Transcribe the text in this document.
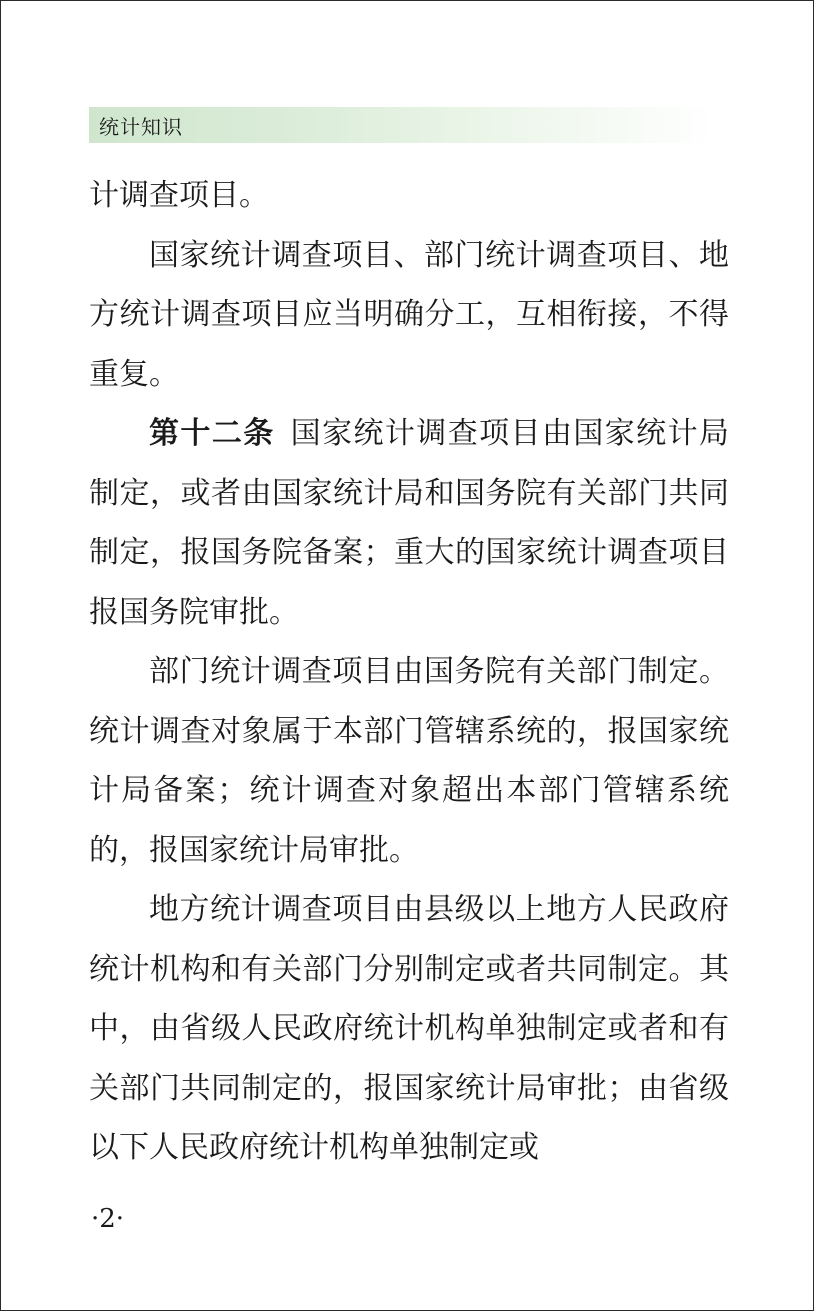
统计知识

计调查项目。

国家统计调查项目、部门统计调查项目、地方统计调查项目应当明确分工，互相衔接，不得重复。

第十二条 国家统计调查项目由国家统计局制定，或者由国家统计局和国务院有关部门共同制定，报国务院备案；重大的国家统计调查项目报国务院审批。

部门统计调查项目由国务院有关部门制定。统计调查对象属于本部门管辖系统的，报国家统计局备案；统计调查对象超出本部门管辖系统的，报国家统计局审批。

地方统计调查项目由县级以上地方人民政府统计机构和有关部门分别制定或者共同制定。其中，由省级人民政府统计机构单独制定或者和有关部门共同制定的，报国家统计局审批；由省级以下人民政府统计机构单独制定或

·2·
